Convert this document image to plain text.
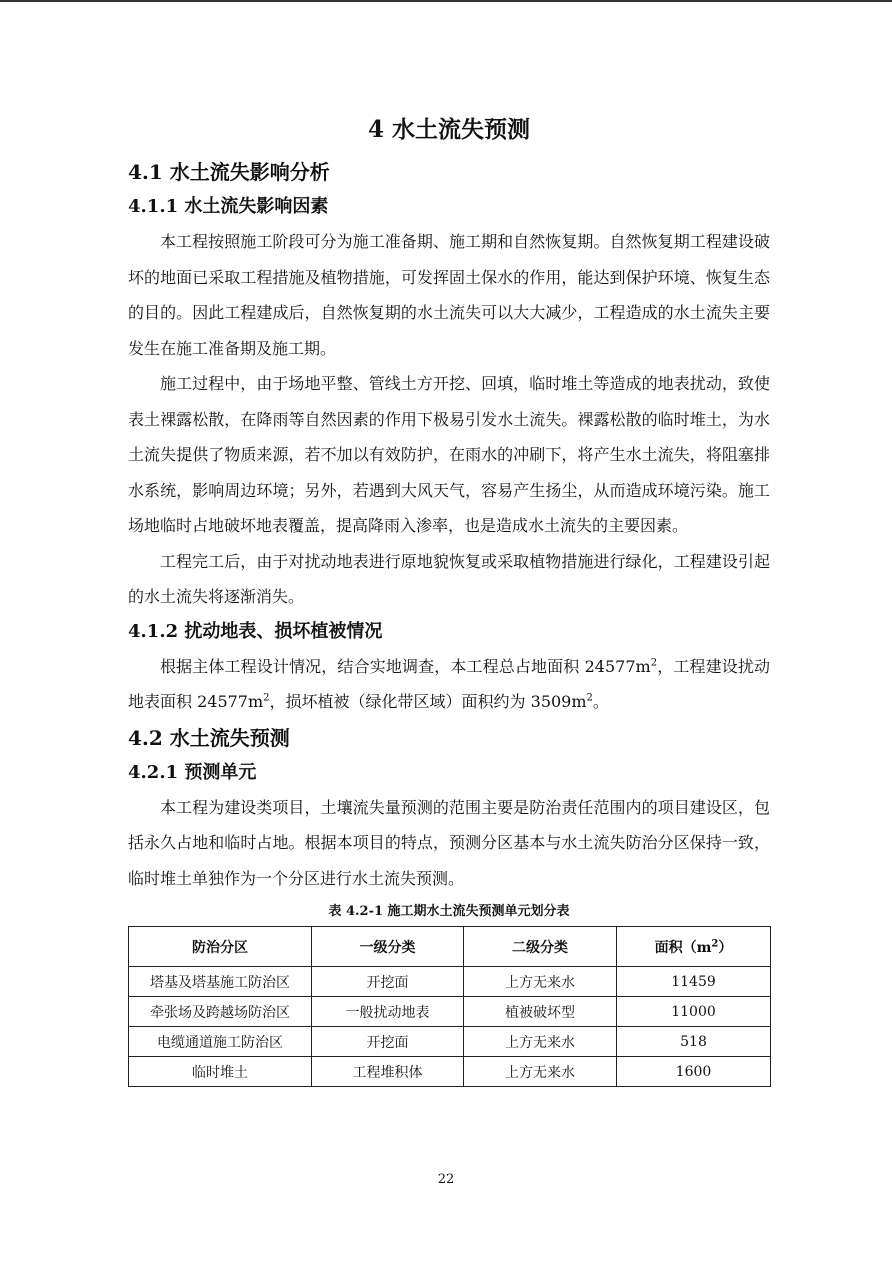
4 水土流失预测
4.1 水土流失影响分析
4.1.1 水土流失影响因素

本工程按照施工阶段可分为施工准备期、施工期和自然恢复期。自然恢复期工程建设破坏的地面已采取工程措施及植物措施，可发挥固土保水的作用，能达到保护环境、恢复生态的目的。因此工程建成后，自然恢复期的水土流失可以大大减少，工程造成的水土流失主要发生在施工准备期及施工期。

施工过程中，由于场地平整、管线土方开挖、回填，临时堆土等造成的地表扰动，致使表土裸露松散，在降雨等自然因素的作用下极易引发水土流失。裸露松散的临时堆土，为水土流失提供了物质来源，若不加以有效防护，在雨水的冲刷下，将产生水土流失，将阻塞排水系统，影响周边环境；另外，若遇到大风天气，容易产生扬尘，从而造成环境污染。施工场地临时占地破坏地表覆盖，提高降雨入渗率，也是造成水土流失的主要因素。

工程完工后，由于对扰动地表进行原地貌恢复或采取植物措施进行绿化，工程建设引起的水土流失将逐渐消失。

4.1.2 扰动地表、损坏植被情况

根据主体工程设计情况，结合实地调查，本工程总占地面积 $24577m^2$，工程建设扰动地表面积 $24577m^2$，损坏植被（绿化带区域）面积约为 $3509m^2$。

4.2 水土流失预测
4.2.1 预测单元

本工程为建设类项目，土壤流失量预测的范围主要是防治责任范围内的项目建设区，包括永久占地和临时占地。根据本项目的特点，预测分区基本与水土流失防治分区保持一致，临时堆土单独作为一个分区进行水土流失预测。

表 4.2-1 施工期水土流失预测单元划分表
防治分区	一级分类	二级分类	面积$(m^2)$
塔基及塔基施工防治区	开挖面	上方无来水	11459
牵张场及跨越场防治区	一般扰动地表	植被破坏型	11000
电缆通道施工防治区	开挖面	上方无来水	518
临时堆土	工程堆积体	上方无来水	1600
22
